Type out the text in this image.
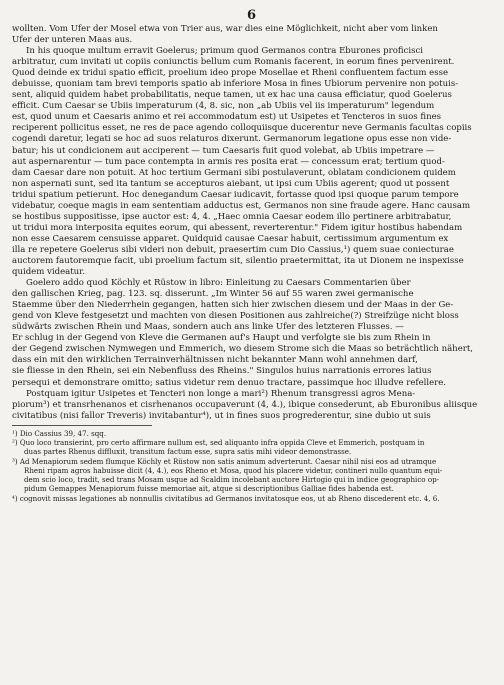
6

wollten. Vom Ufer der Mosel etwa von Trier aus, war dies eine Möglichkeit, nicht aber vom linken
Ufer der unteren Maas aus.
In his quoque multum erravit Goelerus; primum quod Germanos contra Eburones proficisci
arbitratur, cum invitati ut copiis coniunctis bellum cum Romanis facerent, in eorum fines pervenirent.
Quod deinde ex tridui spatio efficit, proelium ideo prope Mosellae et Rheni confluentem factum esse
debuisse, quoniam tam brevi temporis spatio ab inferiore Mosa in fines Ubiorum pervenire non potuis-
sent, aliquid quidem habet probabilitatis, neque tamen, ut ex hac una causa efficiatur, quod Goelerus
efficit. Cum Caesar se Ubiis imperaturum (4, 8. sic, non „ab Ubiis vel iis imperaturum" legendum
est, quod unum et Caesaris animo et rei accommodatum est) ut Usipetes et Tencteros in suos fines
reciperent pollicitus esset, ne res de pace agendo colloquiisque ducerentur neve Germanis facultas copiis
cogendi daretur, legati se hoc ad suos relaturos dixerunt. Germanorum legatione opus esse non vide-
batur; his ut condicionem aut acciperent — tum Caesaris fuit quod volebat, ab Ubiis impetrare —
aut aspernarentur — tum pace contempta in armis res posita erat — concessum erat; tertium quod-
dam Caesar dare non potuit. At hoc tertium Germani sibi postulaverunt, oblatam condicionem quidem
non aspernati sunt, sed ita tantum se accepturos aiebant, ut ipsi cum Ubiis agerent; quod ut possent
tridui spatium petierunt. Hoc denegandum Caesar iudicavit, fortasse quod ipsi quoque parum tempore
videbatur, coeque magis in eam sententiam adductus est, Germanos non sine fraude agere. Hanc causam
se hostibus suppositisse, ipse auctor est: 4, 4. „Haec omnia Caesar eodem illo pertinere arbitrabatur,
ut tridui mora interposita equites eorum, qui abessent, reverterentur." Fidem igitur hostibus habendam
non esse Caesarem censuisse apparet. Quidquid causae Caesar habuit, certissimum argumentum ex
illa re repetere Goelerus sibi videri non debuit, praesertim cum Dio Cassius,¹) quem suae coniecturae
auctorem fautoremque facit, ubi proelium factum sit, silentio praetermittat, ita ut Dionem ne inspexisse
quidem videatur.
Goelero addo quod Köchly et Rüstow in libro: Einleitung zu Caesars Commentarien über
den gallischen Krieg, pag. 123. sq. disserunt. „Im Winter 56 auf 55 waren zwei germanische
Staemme über den Niederrhein gegangen, hatten sich hier zwischen diesem und der Maas in der Ge-
gend von Kleve festgesetzt und machten von diesen Positionen aus zahlreiche(?) Streifzüge nicht bloss
südwärts zwischen Rhein und Maas, sondern auch ans linke Ufer des letzteren Flusses. —
Er schlug in der Gegend von Kleve die Germanen auf's Haupt und verfolgte sie bis zum Rhein in
der Gegend zwischen Nymwegen und Emmerich, wo diesem Strome sich die Maas so beträchtlich nähert,
dass ein mit den wirklichen Terrainverhältnissen nicht bekannter Mann wohl annehmen darf,
sie fliesse in den Rhein, sei ein Nebenfluss des Rheins." Singulos huius narrationis errores latius
persequi et demonstrare omitto; satius videtur rem denuo tractare, passimque hoc illudve refellere.
Postquam igitur Usipetes et Tencteri non longe a mari²) Rhenum transgressi agros Mena-
piorum³) et transrhenanos et cisrhenanos occupaverunt (4, 4.), ibique consederunt, ab Eburonibus aliisque
civitatibus (nisi fallor Treveris) invitabantur⁴), ut in fines suos progrederentur, sine dubio ut suis

¹) Dio Cassius 39, 47. sqq.
²) Quo loco transierint, pro certo affirmare nullum est, sed aliquanto infra oppida Cleve et Emmerich, postquam in
duas partes Rhenus diffluxit, transitum factum esse, supra satis mihi videor demonstrasse.
³) Ad Menapiorum sedem flumque Köchly et Rüstow non satis animum adverterunt. Caesar nihil nisi eos ad utramque
Rheni ripam agros habuisse dicit (4, 4.), eos Rheno et Mosa, quod his placere videtur, contineri nullo quantum equi-
dem scio loco, tradit, sed trans Mosam usque ad Scaldim incolebant auctore Hirtogio qui in indice geographico op-
pidum Gemappes Menapiorum fuisse memoriae ait, atque si descriptionibus Galliae fides habenda est.
⁴) cognovit missas legationes ab nonnullis civitatibus ad Germanos invitatosque eos, ut ab Rheno discederent etc. 4, 6.
